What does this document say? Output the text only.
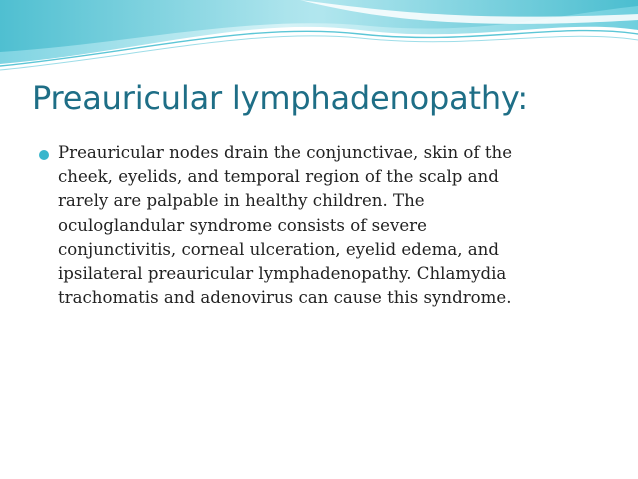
Preauricular lymphadenopathy:
Preauricular nodes drain the conjunctivae, skin of the
cheek, eyelids, and temporal region of the scalp and
rarely are palpable in healthy children. The
oculoglandular syndrome consists of severe
conjunctivitis, corneal ulceration, eyelid edema, and
ipsilateral preauricular lymphadenopathy. Chlamydia
trachomatis and adenovirus can cause this syndrome.
